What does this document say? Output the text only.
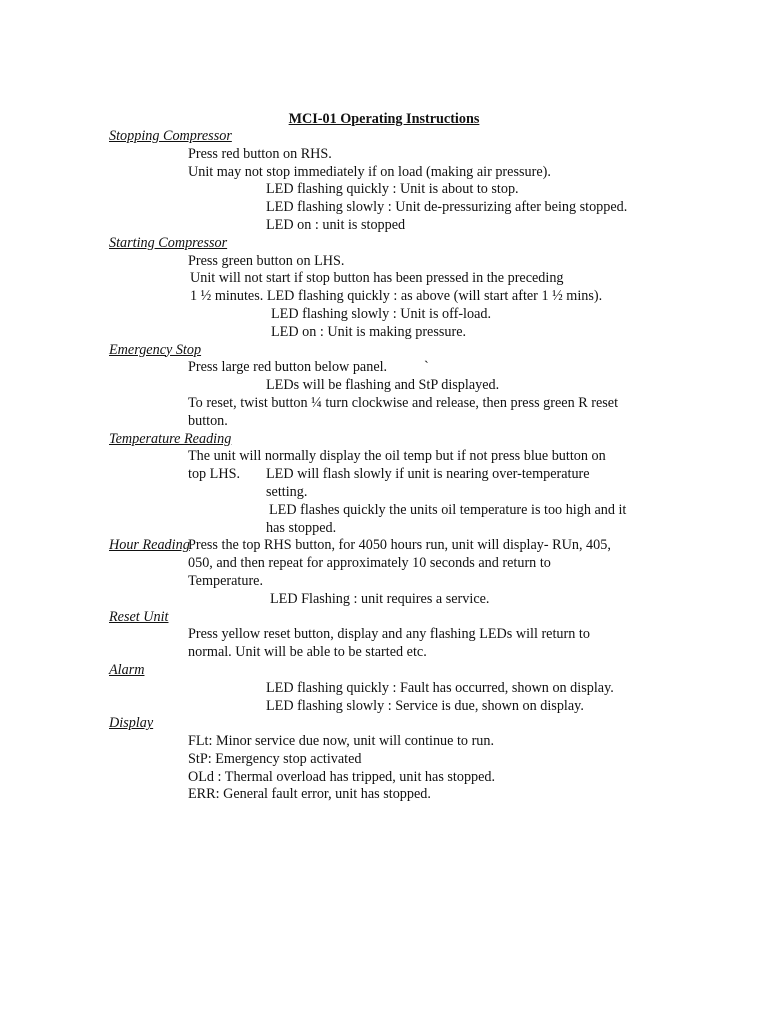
MCI-01 Operating Instructions
Stopping Compressor
Press red button on RHS.
Unit may not stop immediately if on load (making air pressure).
LED flashing quickly : Unit is about to stop.
LED flashing slowly : Unit de-pressurizing after being stopped.
LED on : unit is stopped
Starting Compressor
Press green button on LHS.
Unit will not start if stop button has been pressed in the preceding
1 ½ minutes. LED flashing quickly : as above (will start after 1 ½ mins).
LED flashing slowly : Unit is off-load.
LED on : Unit is making pressure.
Emergency Stop
Press large red button below panel.	`
LEDs will be flashing and StP displayed.
To reset, twist button ¼ turn clockwise and release, then press green R reset
button.
Temperature Reading
The unit will normally display the oil temp but if not press blue button on
top LHS. LED will flash slowly if unit is nearing over-temperature
setting.
LED flashes quickly the units oil temperature is too high and it
has stopped.
Hour Reading
Press the top RHS button, for 4050 hours run, unit will display- RUn, 405,
050, and then repeat for approximately 10 seconds and return to
Temperature.
LED Flashing : unit requires a service.
Reset Unit
Press yellow reset button, display and any flashing LEDs will return to
normal. Unit will be able to be started etc.
Alarm
LED flashing quickly : Fault has occurred, shown on display.
LED flashing slowly : Service is due, shown on display.
Display
FLt: Minor service due now, unit will continue to run.
StP: Emergency stop activated
OLd : Thermal overload has tripped, unit has stopped.
ERR: General fault error, unit has stopped.
